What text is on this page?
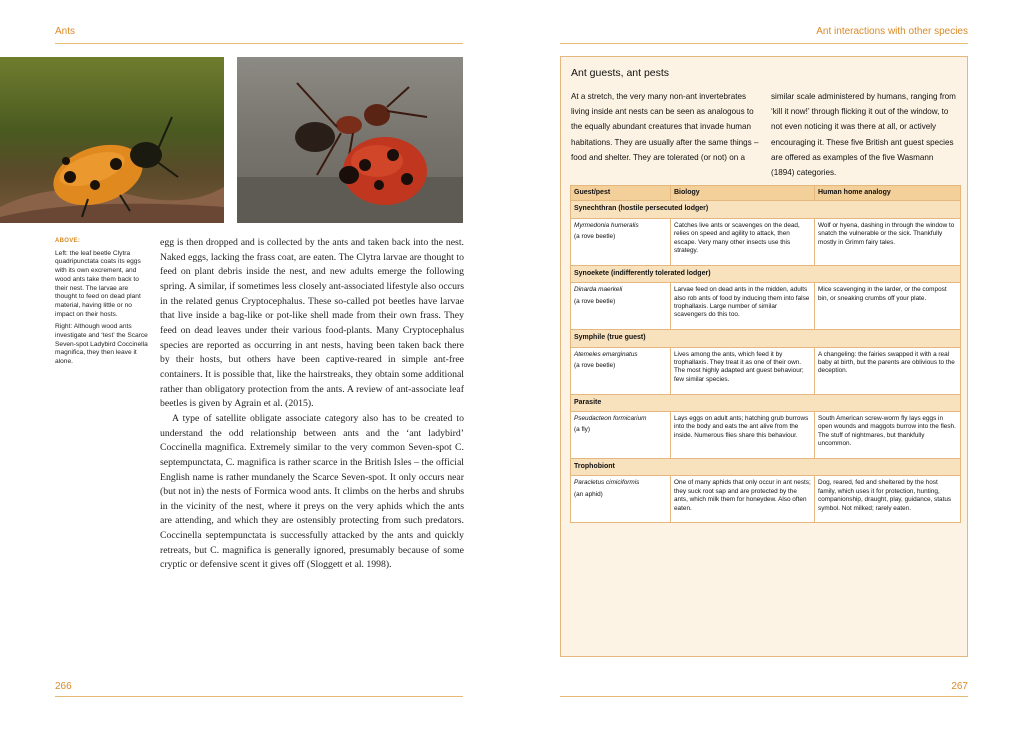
Ants

ABOVE:

Left: the leaf beetle Clytra quadripunctata coats its eggs with its own excrement, and wood ants take them back to their nest. The larvae are thought to feed on dead plant material, having little or no impact on their hosts.

Right: Although wood ants investigate and ‘test’ the Scarce Seven-spot Ladybird Coccinella magnifica, they then leave it alone.

egg is then dropped and is collected by the ants and taken back into the nest. Naked eggs, lacking the frass coat, are eaten. The Clytra larvae are thought to feed on plant debris inside the nest, and new adults emerge the following spring. A similar, if sometimes less closely ant-associated lifestyle also occurs in the related genus Cryptocephalus. These so-called pot beetles have larvae that live inside a bag-like or pot-like shell made from their own frass. They feed on dead leaves under their various food-plants. Many Cryptocephalus species are reported as occurring in ant nests, having been taken back there by their hosts, but others have been captive-reared in simple ant-free containers. It is possible that, like the hairstreaks, they obtain some additional rather than obligatory protection from the ants. A review of ant-associate leaf beetles is given by Agrain et al. (2015).

A type of satellite obligate associate category also has to be created to understand the odd relationship between ants and the ‘ant ladybird’ Coccinella magnifica. Extremely similar to the very common Seven-spot C. septempunctata, C. magnifica is rather scarce in the British Isles – the official English name is rather mundanely the Scarce Seven-spot. It only occurs near (but not in) the nests of Formica wood ants. It climbs on the herbs and shrubs in the vicinity of the nest, where it preys on the very aphids which the ants are attending, and which they are ostensibly protecting from such predators. Coccinella septempunctata is successfully attacked by the ants and quickly retreats, but C. magnifica is generally ignored, presumably because of some cryptic or defensive scent it gives off (Sloggett et al. 1998).

266
Ant interactions with other species
Ant guests, ant pests
At a stretch, the very many non-ant invertebrates living inside ant nests can be seen as analogous to the equally abundant creatures that invade human habitations. They are usually after the same things – food and shelter. They are tolerated (or not) on a
similar scale administered by humans, ranging from ‘kill it now!’ through flicking it out of the window, to not even noticing it was there at all, or actively encouraging it. These five British ant guest species are offered as examples of the five Wasmann (1894) categories.
Guest/pest	Biology	Human home analogy
Synechthran (hostile persecuted lodger)		

Myrmedonia humeralis
(a rove beetle)	Catches live ants or scavenges on the dead, relies on speed and agility to attack, then escape. Very many other insects use this strategy.	Wolf or hyena, dashing in through the window to snatch the vulnerable or the sick. Thankfully mostly in Grimm fairy tales.
Synoekete (indifferently tolerated lodger)		

Dinarda maerkeli
(a rove beetle)	Larvae feed on dead ants in the midden, adults also rob ants of food by inducing them into false trophallaxis. Large number of similar scavengers do this too.	Mice scavenging in the larder, or the compost bin, or sneaking crumbs off your plate.
Symphile (true guest)		

Atemeles emarginatus
(a rove beetle)	Lives among the ants, which feed it by trophallaxis. They treat it as one of their own. The most highly adapted ant guest behaviour; few similar species.	A changeling: the fairies swapped it with a real baby at birth, but the parents are oblivious to the deception.
Parasite		

Pseudacteon formicarium
(a fly)	Lays eggs on adult ants; hatching grub burrows into the body and eats the ant alive from the inside. Numerous flies share this behaviour.	South American screw-worm fly lays eggs in open wounds and maggots burrow into the flesh. The stuff of nightmares, but thankfully uncommon.
Trophobiont		

Paracletus cimiciformis
(an aphid)	One of many aphids that only occur in ant nests; they suck root sap and are protected by the ants, which milk them for honeydew. Also often eaten.	Dog, reared, fed and sheltered by the host family, which uses it for protection, hunting, companionship, draught, play, guidance, status symbol. Not milked; rarely eaten.
267
